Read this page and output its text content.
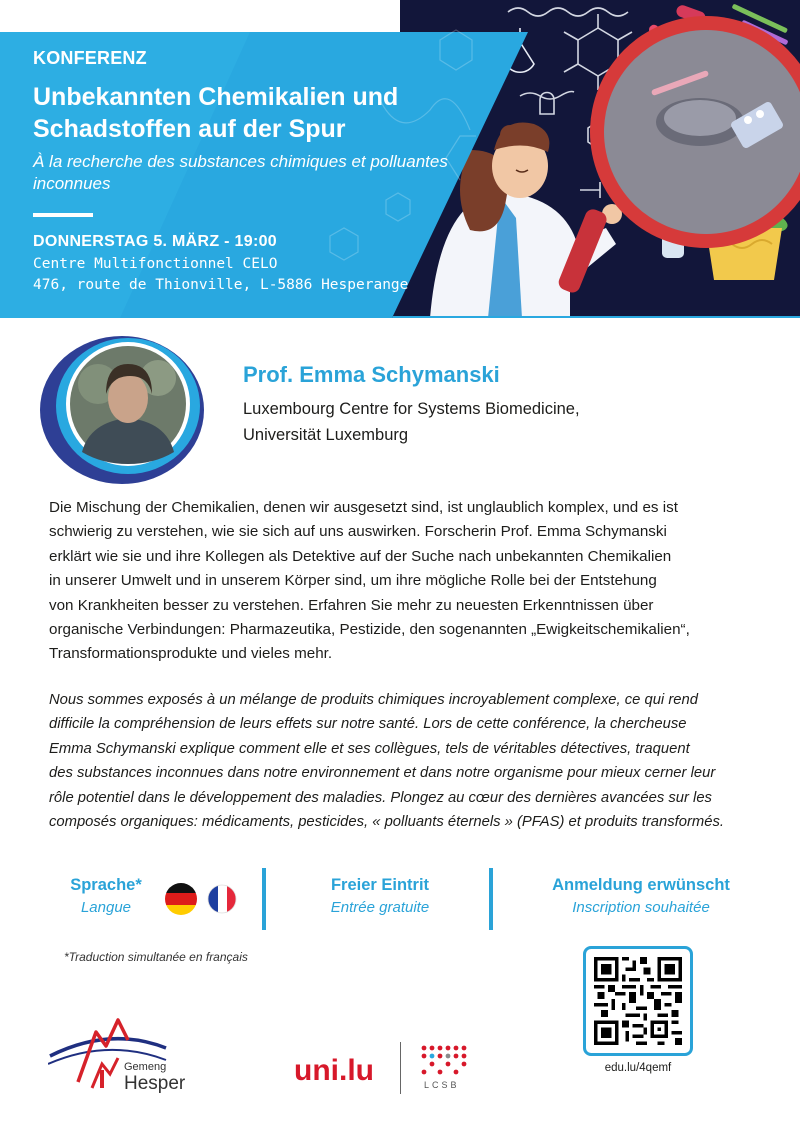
KONFERENZ
Unbekannten Chemikalien und
Schadstoffen auf der Spur
À la recherche des substances chimiques et polluantes inconnues
DONNERSTAG 5. MÄRZ - 19:00
Centre Multifonctionnel CELO
476, route de Thionville, L-5886 Hesperange
Prof. Emma Schymanski
Luxembourg Centre for Systems Biomedicine,
Universität Luxemburg
Die Mischung der Chemikalien, denen wir ausgesetzt sind, ist unglaublich komplex, und es ist
schwierig zu verstehen, wie sie sich auf uns auswirken. Forscherin Prof. Emma Schymanski
erklärt wie sie und ihre Kollegen als Detektive auf der Suche nach unbekannten Chemikalien
in unserer Umwelt und in unserem Körper sind, um ihre mögliche Rolle bei der Entstehung
von Krankheiten besser zu verstehen. Erfahren Sie mehr zu neuesten Erkenntnissen über
organische Verbindungen: Pharmazeutika, Pestizide, den sogenannten „Ewigkeitschemikalien“,
Transformationsprodukte und vieles mehr.
Nous sommes exposés à un mélange de produits chimiques incroyablement complexe, ce qui rend
difficile la compréhension de leurs effets sur notre santé. Lors de cette conférence, la chercheuse
Emma Schymanski explique comment elle et ses collègues, tels de véritables détectives, traquent
des substances inconnues dans notre environnement et dans notre organisme pour mieux cerner leur
rôle potentiel dans le développement des maladies. Plongez au cœur des dernières avancées sur les
composés organiques: médicaments, pesticides, « polluants éternels » (PFAS) et produits transformés.
Sprache*
Langue
Freier Eintrit
Entrée gratuite
Anmeldung erwünscht
Inscription souhaitée
*Traduction simultanée en français
edu.lu/4qemf
Gemeng
Hesper	uni.lu	LCSB
